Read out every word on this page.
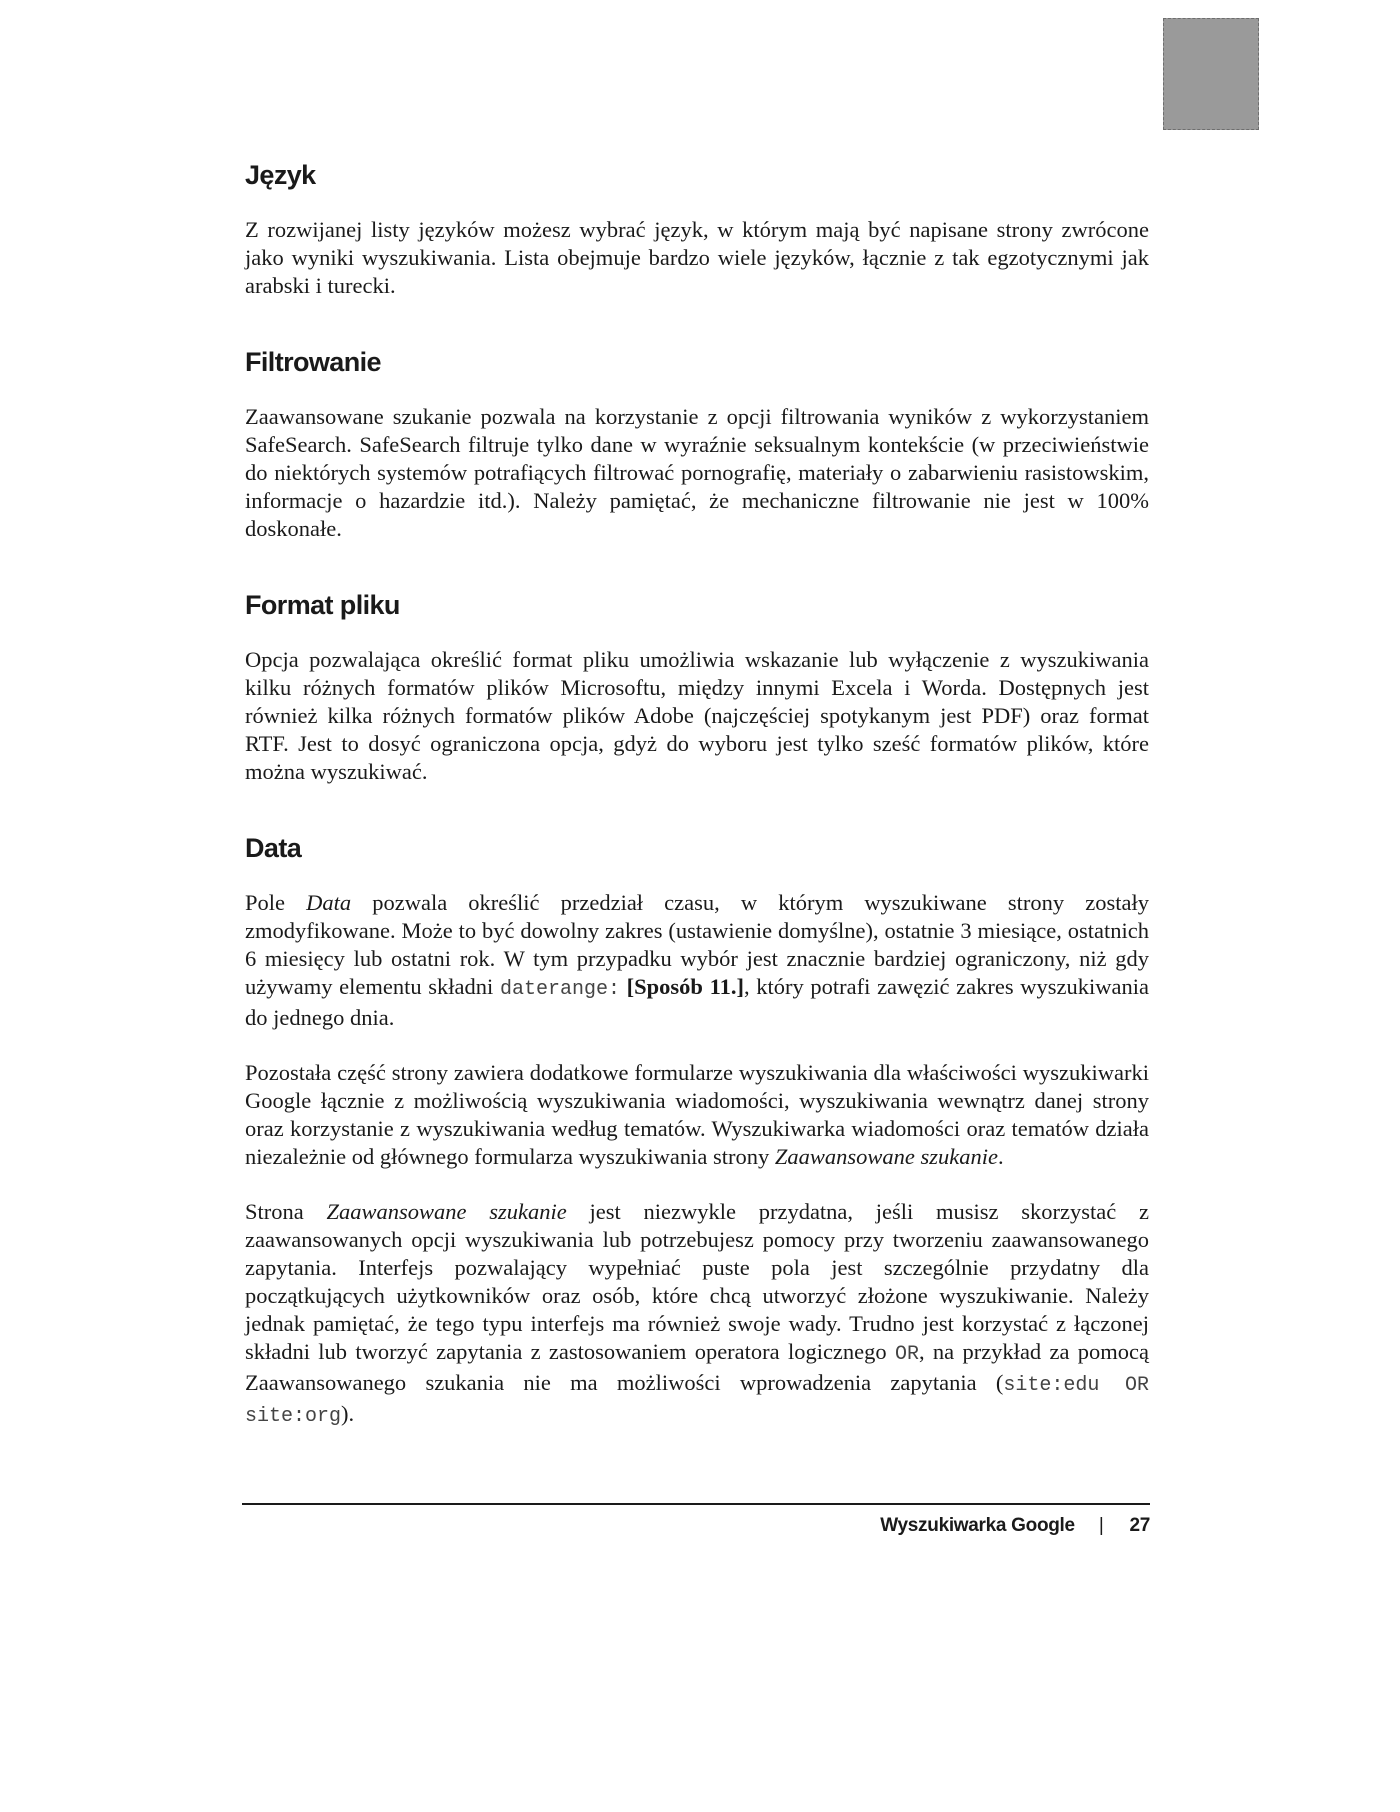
Język

Z rozwijanej listy języków możesz wybrać język, w którym mają być napisane strony zwrócone jako wyniki wyszukiwania. Lista obejmuje bardzo wiele języków, łącznie z tak egzotycznymi jak arabski i turecki.

Filtrowanie

Zaawansowane szukanie pozwala na korzystanie z opcji filtrowania wyników z wykorzystaniem SafeSearch. SafeSearch filtruje tylko dane w wyraźnie seksualnym kontekście (w przeciwieństwie do niektórych systemów potrafiących filtrować pornografię, materiały o zabarwieniu rasistowskim, informacje o hazardzie itd.). Należy pamiętać, że mechaniczne filtrowanie nie jest w 100% doskonałe.

Format pliku

Opcja pozwalająca określić format pliku umożliwia wskazanie lub wyłączenie z wyszukiwania kilku różnych formatów plików Microsoftu, między innymi Excela i Worda. Dostępnych jest również kilka różnych formatów plików Adobe (najczęściej spotykanym jest PDF) oraz format RTF. Jest to dosyć ograniczona opcja, gdyż do wyboru jest tylko sześć formatów plików, które można wyszukiwać.

Data

Pole Data pozwala określić przedział czasu, w którym wyszukiwane strony zostały zmodyfikowane. Może to być dowolny zakres (ustawienie domyślne), ostatnie 3 miesiące, ostatnich 6 miesięcy lub ostatni rok. W tym przypadku wybór jest znacznie bardziej ograniczony, niż gdy używamy elementu składni daterange: [Sposób 11.], który potrafi zawęzić zakres wyszukiwania do jednego dnia.

Pozostała część strony zawiera dodatkowe formularze wyszukiwania dla właściwości wyszukiwarki Google łącznie z możliwością wyszukiwania wiadomości, wyszukiwania wewnątrz danej strony oraz korzystanie z wyszukiwania według tematów. Wyszukiwarka wiadomości oraz tematów działa niezależnie od głównego formularza wyszukiwania strony Zaawansowane szukanie.

Strona Zaawansowane szukanie jest niezwykle przydatna, jeśli musisz skorzystać z zaawansowanych opcji wyszukiwania lub potrzebujesz pomocy przy tworzeniu zaawansowanego zapytania. Interfejs pozwalający wypełniać puste pola jest szczególnie przydatny dla początkujących użytkowników oraz osób, które chcą utworzyć złożone wyszukiwanie. Należy jednak pamiętać, że tego typu interfejs ma również swoje wady. Trudno jest korzystać z łączonej składni lub tworzyć zapytania z zastosowaniem operatora logicznego OR, na przykład za pomocą Zaawansowanego szukania nie ma możliwości wprowadzenia zapytania (site:edu OR site:org).

Wyszukiwarka Google | 27
